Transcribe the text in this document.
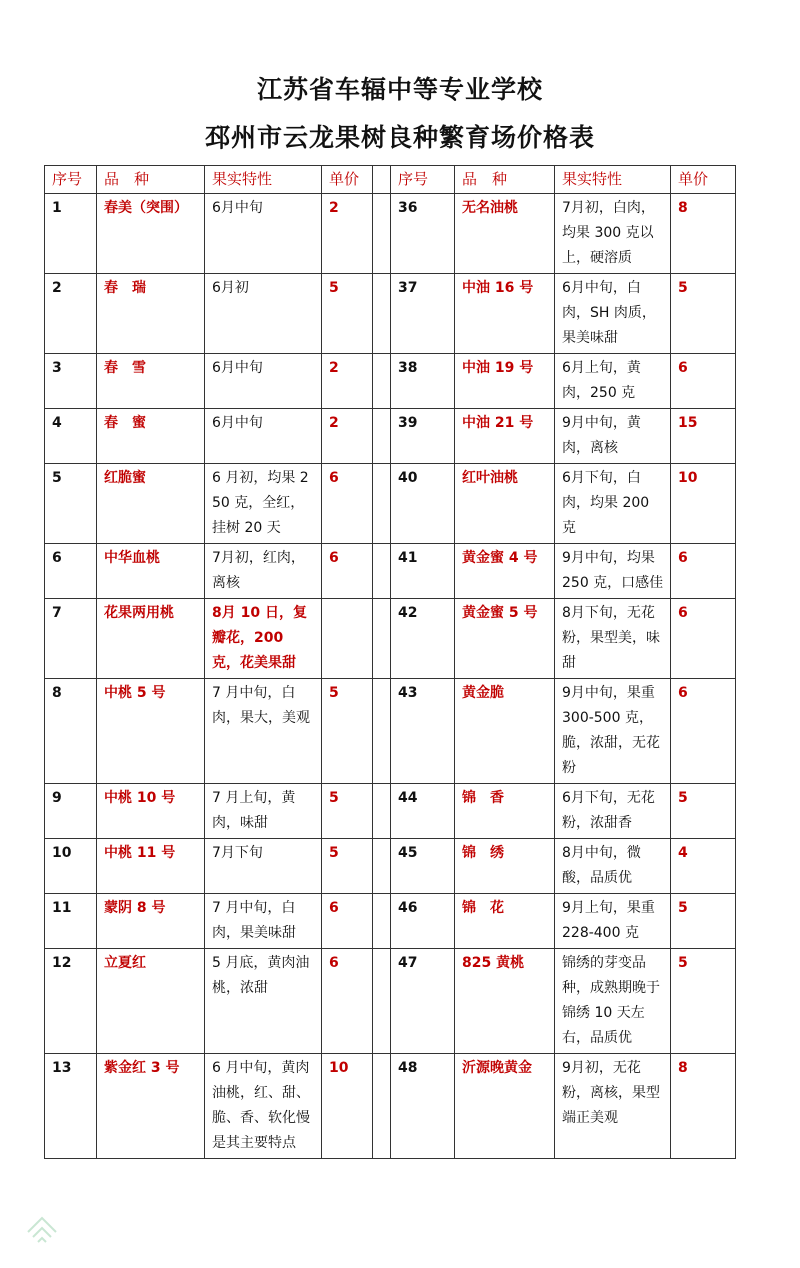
江苏省车辐中等专业学校
邳州市云龙果树良种繁育场价格表
序号	品　种	果实特性	单价		序号	品　种	果实特性	单价
1	春美（突围）	6月中旬	2		36	无名油桃	7月初，白肉，均果 300 克以上，硬溶质	8
2	春　瑞	6月初	5		37	中油 16 号	6月中旬，白肉，SH 肉质，果美味甜	5
3	春　雪	6月中旬	2		38	中油 19 号	6月上旬，黄肉，250 克	6
4	春　蜜	6月中旬	2		39	中油 21 号	9月中旬，黄肉，离核	15
5	红脆蜜	6 月初，均果 250 克，全红，挂树 20 天	6		40	红叶油桃	6月下旬，白肉，均果 200 克	10
6	中华血桃	7月初，红肉，离核	6		41	黄金蜜 4 号	9月中旬，均果 250 克，口感佳	6
7	花果两用桃	8月 10 日，复瓣花，200 克，花美果甜			42	黄金蜜 5 号	8月下旬，无花粉，果型美，味甜	6
8	中桃 5 号	7 月中旬，白肉，果大，美观	5		43	黄金脆	9月中旬，果重 300-500 克，脆，浓甜，无花粉	6
9	中桃 10 号	7 月上旬，黄肉，味甜	5		44	锦　香	6月下旬，无花粉，浓甜香	5
10	中桃 11 号	7月下旬	5		45	锦　绣	8月中旬，微酸，品质优	4
11	蒙阴 8 号	7 月中旬，白肉，果美味甜	6		46	锦　花	9月上旬，果重 228-400 克	5
12	立夏红	5 月底，黄肉油桃，浓甜	6		47	825 黄桃	锦绣的芽变品种，成熟期晚于锦绣 10 天左右，品质优	5
13	紫金红 3 号	6 月中旬，黄肉油桃，红、甜、脆、香、软化慢是其主要特点	10		48	沂源晚黄金	9月初，无花粉，离核，果型端正美观	8
